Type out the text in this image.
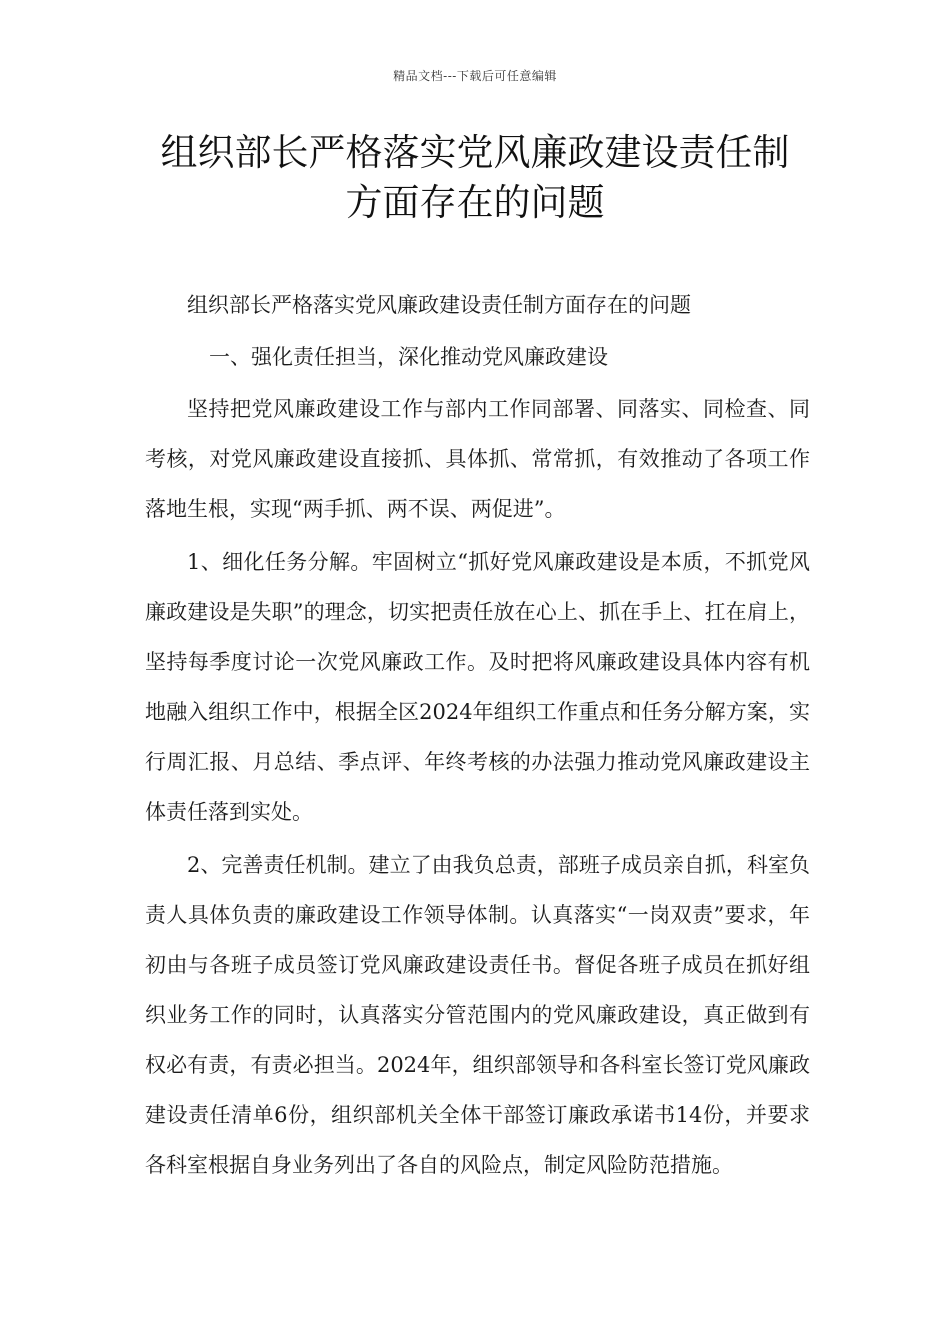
精品文档---下载后可任意编辑
组织部长严格落实党风廉政建设责任制
方面存在的问题

组织部长严格落实党风廉政建设责任制方面存在的问题

一、强化责任担当，深化推动党风廉政建设

坚持把党风廉政建设工作与部内工作同部署、同落实、同检查、同考核，对党风廉政建设直接抓、具体抓、常常抓，有效推动了各项工作落地生根，实现“两手抓、两不误、两促进”。

1、细化任务分解。牢固树立“抓好党风廉政建设是本质，不抓党风廉政建设是失职”的理念，切实把责任放在心上、抓在手上、扛在肩上，坚持每季度讨论一次党风廉政工作。及时把将风廉政建设具体内容有机地融入组织工作中，根据全区2024年组织工作重点和任务分解方案，实行周汇报、月总结、季点评、年终考核的办法强力推动党风廉政建设主体责任落到实处。

2、完善责任机制。建立了由我负总责，部班子成员亲自抓，科室负责人具体负责的廉政建设工作领导体制。认真落实“一岗双责”要求，年初由与各班子成员签订党风廉政建设责任书。督促各班子成员在抓好组织业务工作的同时，认真落实分管范围内的党风廉政建设，真正做到有权必有责，有责必担当。2024年，组织部领导和各科室长签订党风廉政建设责任清单6份，组织部机关全体干部签订廉政承诺书14份，并要求各科室根据自身业务列出了各自的风险点，制定风险防范措施。
